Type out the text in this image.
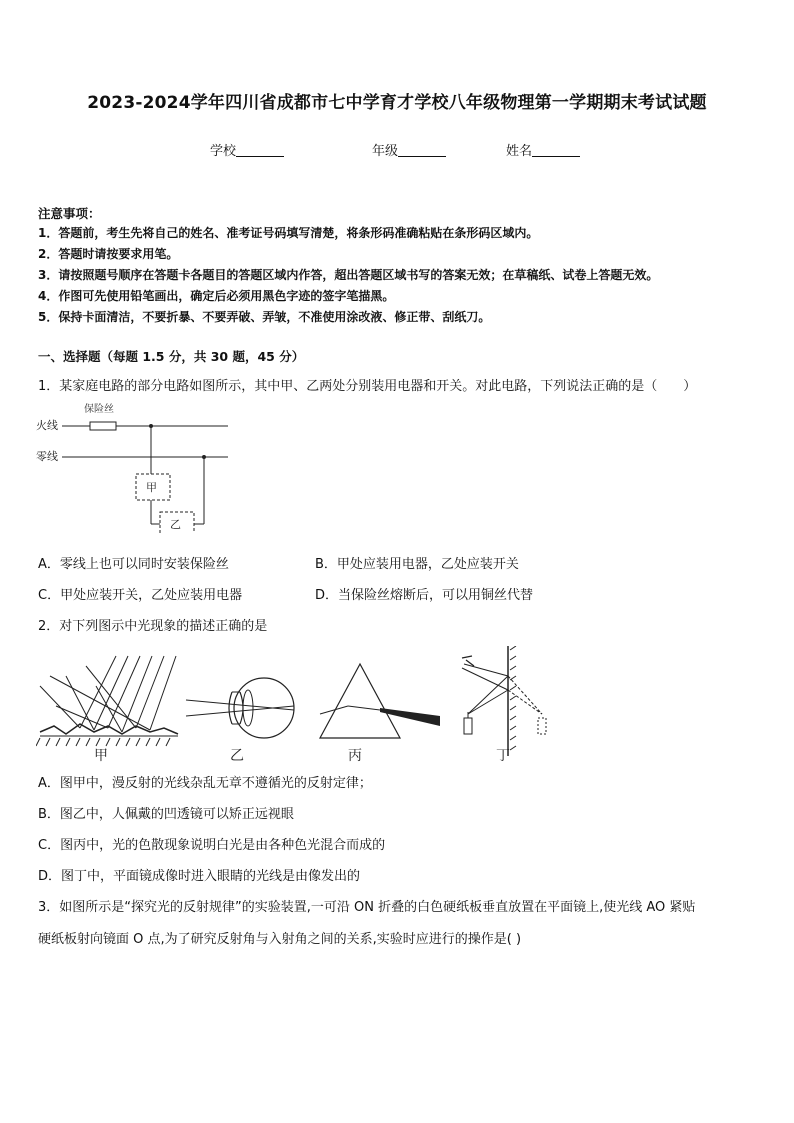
2023-2024学年四川省成都市七中学育才学校八年级物理第一学期期末考试试题
学校	年级	姓名
注意事项：
1．答题前，考生先将自己的姓名、准考证号码填写清楚，将条形码准确粘贴在条形码区域内。
2．答题时请按要求用笔。
3．请按照题号顺序在答题卡各题目的答题区域内作答，超出答题区域书写的答案无效；在草稿纸、试卷上答题无效。
4．作图可先使用铅笔画出，确定后必须用黑色字迹的签字笔描黑。
5．保持卡面清洁，不要折暴、不要弄破、弄皱，不准使用涂改液、修正带、刮纸刀。
一、选择题（每题 1.5 分，共 30 题，45 分）
1．某家庭电路的部分电路如图所示，其中甲、乙两处分别装用电器和开关。对此电路，下列说法正确的是（　　）
保险丝
火线
零线
甲
乙
A．零线上也可以同时安装保险丝	B．甲处应装用电器，乙处应装开关
C．甲处应装开关，乙处应装用电器	D．当保险丝熔断后，可以用铜丝代替
2．对下列图示中光现象的描述正确的是
甲	乙	丙	丁
A．图甲中，漫反射的光线杂乱无章不遵循光的反射定律；
B．图乙中，人佩戴的凹透镜可以矫正远视眼
C．图丙中，光的色散现象说明白光是由各种色光混合而成的
D．图丁中，平面镜成像时进入眼睛的光线是由像发出的
3．如图所示是“探究光的反射规律”的实验装置,一可沿 ON 折叠的白色硬纸板垂直放置在平面镜上,使光线 AO 紧贴
硬纸板射向镜面 O 点,为了研究反射角与入射角之间的关系,实验时应进行的操作是( )
